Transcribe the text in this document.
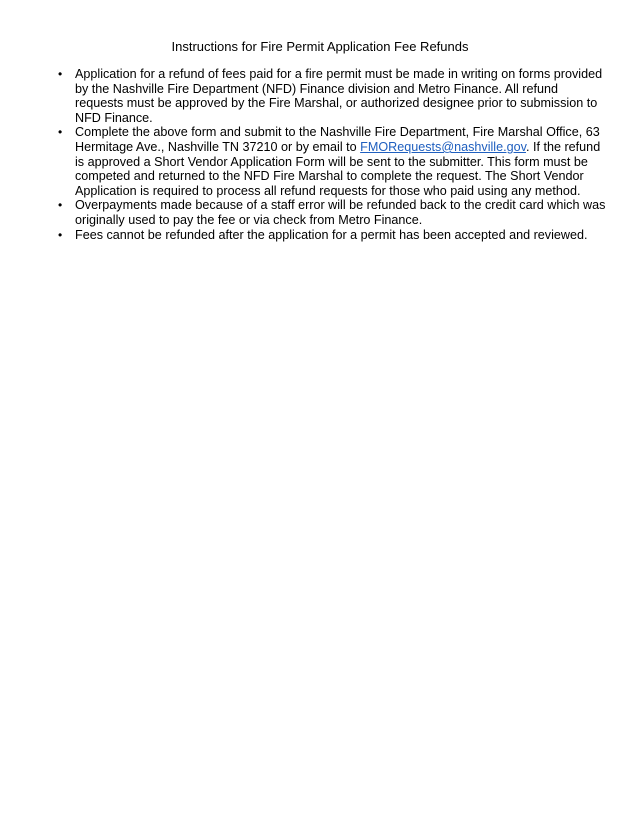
Instructions for Fire Permit Application Fee Refunds
• Application for a refund of fees paid for a fire permit must be made in writing on forms provided by the Nashville Fire Department (NFD) Finance division and Metro Finance. All refund requests must be approved by the Fire Marshal, or authorized designee prior to submission to NFD Finance.
• Complete the above form and submit to the Nashville Fire Department, Fire Marshal Office, 63 Hermitage Ave., Nashville TN 37210 or by email to FMORequests@nashville.gov. If the refund is approved a Short Vendor Application Form will be sent to the submitter. This form must be competed and returned to the NFD Fire Marshal to complete the request. The Short Vendor Application is required to process all refund requests for those who paid using any method.
• Overpayments made because of a staff error will be refunded back to the credit card which was originally used to pay the fee or via check from Metro Finance.
• Fees cannot be refunded after the application for a permit has been accepted and reviewed.
